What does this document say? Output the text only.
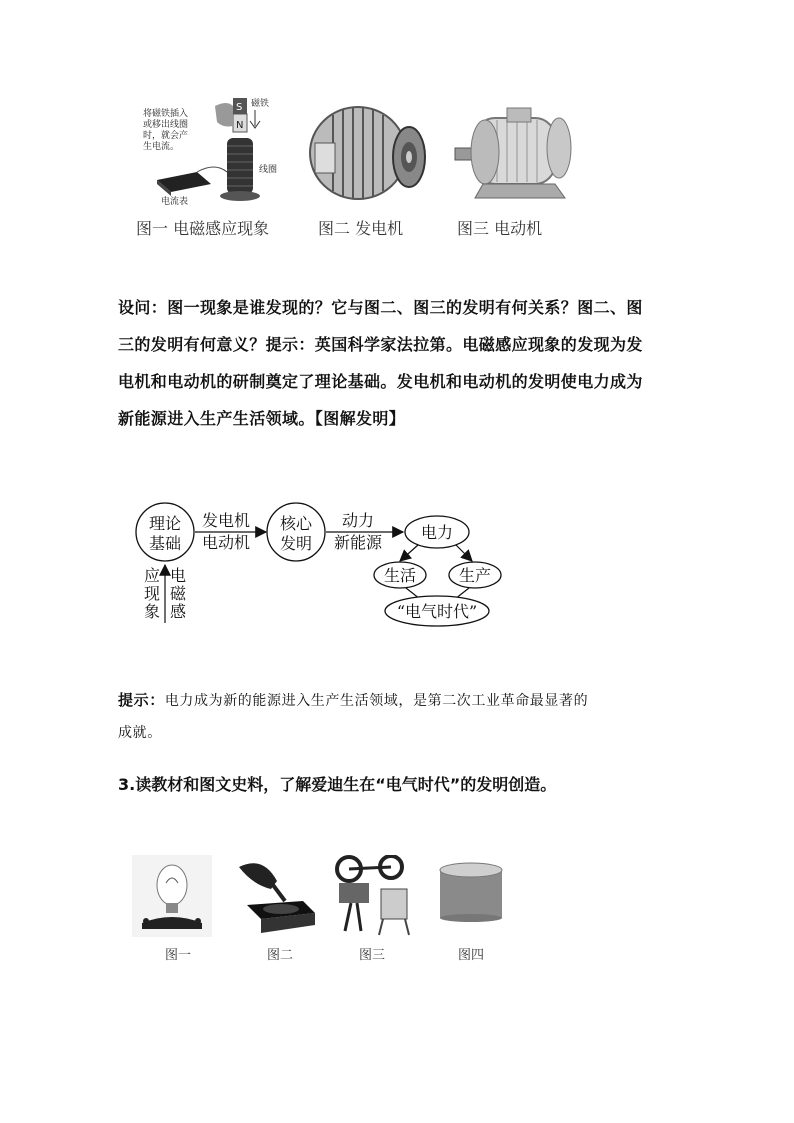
将磁铁插入 或移出线圈 时，就会产 生电流。
S
N
磁铁
线圈
电流表
图一 电磁感应现象	图二 发电机	图三 电动机
设问：图一现象是谁发现的？它与图二、图三的发明有何关系？图二、图
三的发明有何意义？提示：英国科学家法拉第。电磁感应现象的发现为发
电机和电动机的研制奠定了理论基础。发电机和电动机的发明使电力成为
新能源进入生产生活领域。【图解发明】
理论
基础
发电机
电动机
核心
发明
动力
新能源
电力
生活	生产
“电气时代”
应
现
象
电
磁
感
提示：电力成为新的能源进入生产生活领域，是第二次工业革命最显著的
成就。
3.读教材和图文史料，了解爱迪生在“电气时代”的发明创造。
图一	图二	图三	图四
